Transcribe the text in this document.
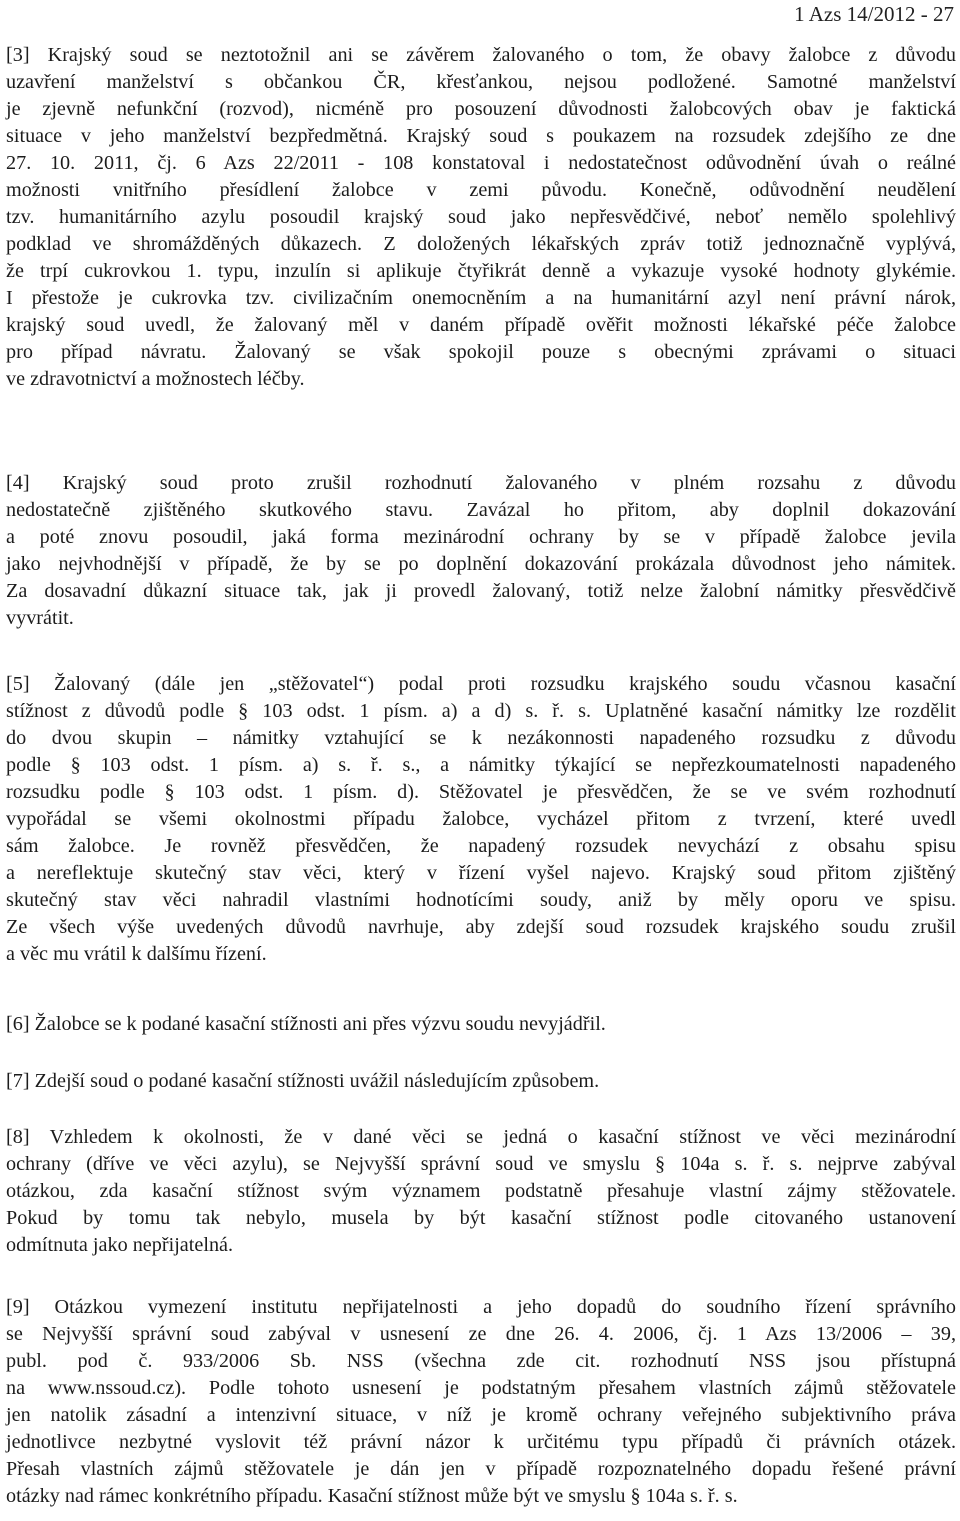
1 Azs 14/2012 - 27
[3] Krajský soud se neztotožnil ani se závěrem žalovaného o tom, že obavy žalobce z důvodu
uzavření manželství s občankou ČR, křesťankou, nejsou podložené. Samotné manželství
je zjevně nefunkční (rozvod), nicméně pro posouzení důvodnosti žalobcových obav je faktická
situace v jeho manželství bezpředmětná. Krajský soud s poukazem na rozsudek zdejšího ze dne
27. 10. 2011, čj. 6 Azs 22/2011 - 108 konstatoval i nedostatečnost odůvodnění úvah o reálné
možnosti vnitřního přesídlení žalobce v zemi původu. Konečně, odůvodnění neudělení
tzv. humanitárního azylu posoudil krajský soud jako nepřesvědčivé, neboť nemělo spolehlivý
podklad ve shromážděných důkazech. Z doložených lékařských zpráv totiž jednoznačně vyplývá,
že trpí cukrovkou 1. typu, inzulín si aplikuje čtyřikrát denně a vykazuje vysoké hodnoty glykémie.
I přestože je cukrovka tzv. civilizačním onemocněním a na humanitární azyl není právní nárok,
krajský soud uvedl, že žalovaný měl v daném případě ověřit možnosti lékařské péče žalobce
pro případ návratu. Žalovaný se však spokojil pouze s obecnými zprávami o situaci
ve zdravotnictví a možnostech léčby.
[4] Krajský soud proto zrušil rozhodnutí žalovaného v plném rozsahu z důvodu
nedostatečně zjištěného skutkového stavu. Zavázal ho přitom, aby doplnil dokazování
a poté znovu posoudil, jaká forma mezinárodní ochrany by se v případě žalobce jevila
jako nejvhodnější v případě, že by se po doplnění dokazování prokázala důvodnost jeho námitek.
Za dosavadní důkazní situace tak, jak ji provedl žalovaný, totiž nelze žalobní námitky přesvědčivě
vyvrátit.
[5] Žalovaný (dále jen „stěžovatel“) podal proti rozsudku krajského soudu včasnou kasační
stížnost z důvodů podle § 103 odst. 1 písm. a) a d) s. ř. s. Uplatněné kasační námitky lze rozdělit
do dvou skupin – námitky vztahující se k nezákonnosti napadeného rozsudku z důvodu
podle § 103 odst. 1 písm. a) s. ř. s., a námitky týkající se nepřezkoumatelnosti napadeného
rozsudku podle § 103 odst. 1 písm. d). Stěžovatel je přesvědčen, že se ve svém rozhodnutí
vypořádal se všemi okolnostmi případu žalobce, vycházel přitom z tvrzení, které uvedl
sám žalobce. Je rovněž přesvědčen, že napadený rozsudek nevychází z obsahu spisu
a nereflektuje skutečný stav věci, který v řízení vyšel najevo. Krajský soud přitom zjištěný
skutečný stav věci nahradil vlastními hodnotícími soudy, aniž by měly oporu ve spisu.
Ze všech výše uvedených důvodů navrhuje, aby zdejší soud rozsudek krajského soudu zrušil
a věc mu vrátil k dalšímu řízení.
[6] Žalobce se k podané kasační stížnosti ani přes výzvu soudu nevyjádřil.
[7] Zdejší soud o podané kasační stížnosti uvážil následujícím způsobem.
[8] Vzhledem k okolnosti, že v dané věci se jedná o kasační stížnost ve věci mezinárodní
ochrany (dříve ve věci azylu), se Nejvyšší správní soud ve smyslu § 104a s. ř. s. nejprve zabýval
otázkou, zda kasační stížnost svým významem podstatně přesahuje vlastní zájmy stěžovatele.
Pokud by tomu tak nebylo, musela by být kasační stížnost podle citovaného ustanovení
odmítnuta jako nepřijatelná.
[9] Otázkou vymezení institutu nepřijatelnosti a jeho dopadů do soudního řízení správního
se Nejvyšší správní soud zabýval v usnesení ze dne 26. 4. 2006, čj. 1 Azs 13/2006 – 39,
publ. pod č. 933/2006 Sb. NSS (všechna zde cit. rozhodnutí NSS jsou přístupná
na www.nssoud.cz). Podle tohoto usnesení je podstatným přesahem vlastních zájmů stěžovatele
jen natolik zásadní a intenzivní situace, v níž je kromě ochrany veřejného subjektivního práva
jednotlivce nezbytné vyslovit též právní názor k určitému typu případů či právních otázek.
Přesah vlastních zájmů stěžovatele je dán jen v případě rozpoznatelného dopadu řešené právní
otázky nad rámec konkrétního případu. Kasační stížnost může být ve smyslu § 104a s. ř. s.
